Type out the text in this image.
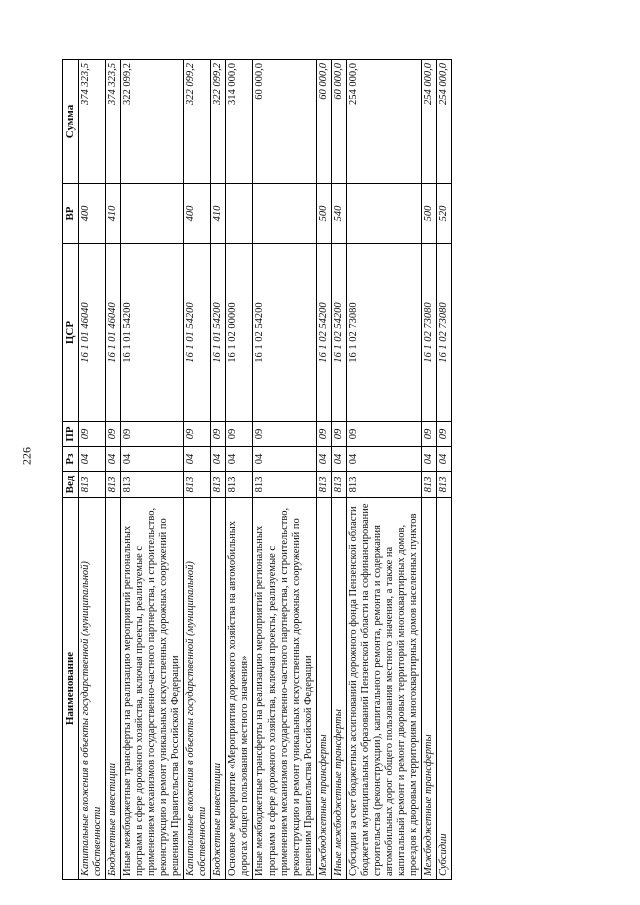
226
Наименование	Вед	Рз	ПР	ЦСР	ВР	Сумма
Капитальные вложения в объекты государственной (муниципальной) собственности	813	04	09	16 1 01 46040	400	374 323,5
Бюджетные инвестиции	813	04	09	16 1 01 46040	410	374 323,5
Иные межбюджетные трансферты на реализацию мероприятий региональных программ в сфере дорожного хозяйства, включая проекты, реализуемые с применением механизмов государственно-частного партнерства, и строительство, реконструкцию и ремонт уникальных искусственных дорожных сооружений по решениям Правительства Российской Федерации	813	04	09	16 1 01 54200		322 099,2
Капитальные вложения в объекты государственной (муниципальной) собственности	813	04	09	16 1 01 54200	400	322 099,2
Бюджетные инвестиции	813	04	09	16 1 01 54200	410	322 099,2
Основное мероприятие «Мероприятия дорожного хозяйства на автомобильных дорогах общего пользования местного значения»	813	04	09	16 1 02 00000		314 000,0
Иные межбюджетные трансферты на реализацию мероприятий региональных программ в сфере дорожного хозяйства, включая проекты, реализуемые с применением механизмов государственно-частного партнерства, и строительство, реконструкцию и ремонт уникальных искусственных дорожных сооружений по решениям Правительства Российской Федерации	813	04	09	16 1 02 54200		60 000,0
Межбюджетные трансферты	813	04	09	16 1 02 54200	500	60 000,0
Иные межбюджетные трансферты	813	04	09	16 1 02 54200	540	60 000,0
Субсидии за счет бюджетных ассигнований дорожного фонда Пензенской области бюджетам муниципальных образований Пензенской области на софинансирование строительства (реконструкции), капитального ремонта, ремонта и содержания автомобильных дорог общего пользования местного значения, а также на капитальный ремонт и ремонт дворовых территорий многоквартирных домов, проездов к дворовым территориям многоквартирных домов населенных пунктов	813	04	09	16 1 02 73080		254 000,0
Межбюджетные трансферты	813	04	09	16 1 02 73080	500	254 000,0
Субсидии	813	04	09	16 1 02 73080	520	254 000,0
